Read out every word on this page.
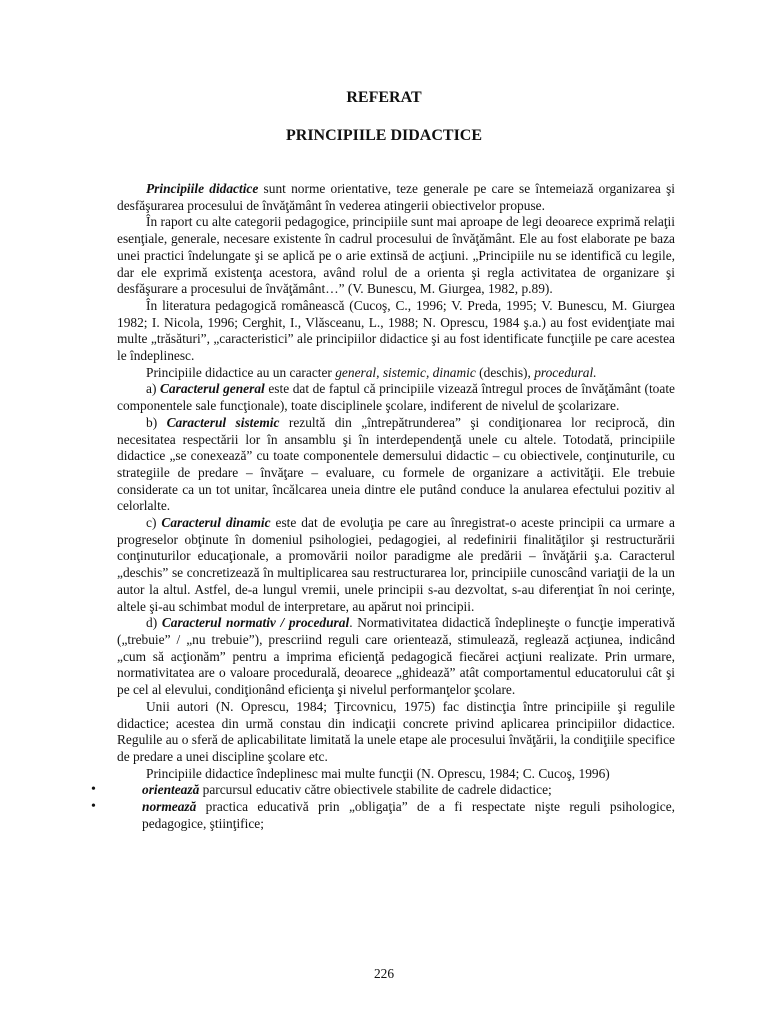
REFERAT
PRINCIPIILE DIDACTICE

Principiile didactice sunt norme orientative, teze generale pe care se întemeiază organizarea şi desfăşurarea procesului de învăţământ în vederea atingerii obiectivelor propuse.

În raport cu alte categorii pedagogice, principiile sunt mai aproape de legi deoarece exprimă relaţii esenţiale, generale, necesare existente în cadrul procesului de învăţământ. Ele au fost elaborate pe baza unei practici îndelungate şi se aplică pe o arie extinsă de acţiuni. „Principiile nu se identifică cu legile, dar ele exprimă existenţa acestora, având rolul de a orienta şi regla activitatea de organizare şi desfăşurare a procesului de învăţământ…” (V. Bunescu, M. Giurgea, 1982, p.89).

În literatura pedagogică românească (Cucoş, C., 1996; V. Preda, 1995; V. Bunescu, M. Giurgea 1982; I. Nicola, 1996; Cerghit, I., Vlăsceanu, L., 1988; N. Oprescu, 1984 ş.a.) au fost evidenţiate mai multe „trăsături”, „caracteristici” ale principiilor didactice şi au fost identificate funcţiile pe care acestea le îndeplinesc.

Principiile didactice au un caracter general, sistemic, dinamic (deschis), procedural.

a) Caracterul general este dat de faptul că principiile vizează întregul proces de învăţământ (toate componentele sale funcţionale), toate disciplinele şcolare, indiferent de nivelul de şcolarizare.

b) Caracterul sistemic rezultă din „întrepătrunderea” şi condiţionarea lor reciprocă, din necesitatea respectării lor în ansamblu şi în interdependenţă unele cu altele. Totodată, principiile didactice „se conexează” cu toate componentele demersului didactic – cu obiectivele, conţinuturile, cu strategiile de predare – învăţare – evaluare, cu formele de organizare a activităţii. Ele trebuie considerate ca un tot unitar, încălcarea uneia dintre ele putând conduce la anularea efectului pozitiv al celorlalte.

c) Caracterul dinamic este dat de evoluţia pe care au înregistrat-o aceste principii ca urmare a progreselor obţinute în domeniul psihologiei, pedagogiei, al redefinirii finalităţilor şi restructurării conţinuturilor educaţionale, a promovării noilor paradigme ale predării – învăţării ş.a. Caracterul „deschis” se concretizează în multiplicarea sau restructurarea lor, principiile cunoscând variaţii de la un autor la altul. Astfel, de-a lungul vremii, unele principii s-au dezvoltat, s-au diferenţiat în noi cerinţe, altele şi-au schimbat modul de interpretare, au apărut noi principii.

d) Caracterul normativ / procedural. Normativitatea didactică îndeplineşte o funcţie imperativă („trebuie” / „nu trebuie”), prescriind reguli care orientează, stimulează, reglează acţiunea, indicând „cum să acţionăm” pentru a imprima eficienţă pedagogică fiecărei acţiuni realizate. Prin urmare, normativitatea are o valoare procedurală, deoarece „ghidează” atât comportamentul educatorului cât şi pe cel al elevului, condiţionând eficienţa şi nivelul performanţelor şcolare.

Unii autori (N. Oprescu, 1984; Ţircovnicu, 1975) fac distincţia între principiile şi regulile didactice; acestea din urmă constau din indicaţii concrete privind aplicarea principiilor didactice. Regulile au o sferă de aplicabilitate limitată la unele etape ale procesului învăţării, la condiţiile specifice de predare a unei discipline şcolare etc.

Principiile didactice îndeplinesc mai multe funcţii (N. Oprescu, 1984; C. Cucoş, 1996)

•	orientează parcursul educativ către obiectivele stabilite de cadrele didactice;
•	normează practica educativă prin „obligaţia” de a fi respectate nişte reguli psihologice, pedagogice, ştiinţifice;
226
